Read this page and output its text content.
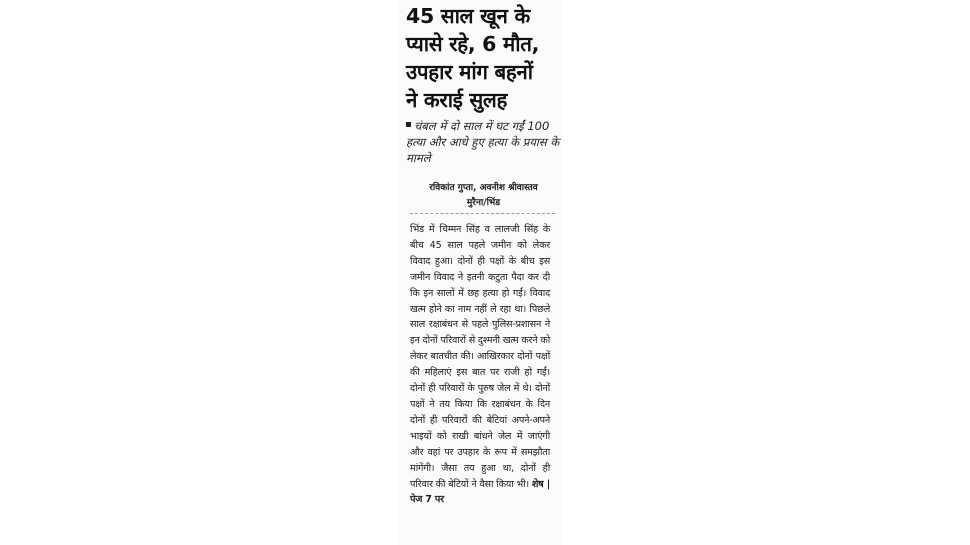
45 साल खून के
प्यासे रहे, 6 मौत,
उपहार मांग बहनों
ने कराई सुलह

चंबल में दो साल में घट गईं 100 हत्या और आधे हुए हत्या के प्रयास के मामले

रविकांत गुप्ता, अवनीश श्रीवास्तव
मुरैना/भिंड

भिंड में चिम्मन सिंह व लालजी सिंह के बीच 45 साल पहले जमीन को लेकर विवाद हुआ। दोनों ही पक्षों के बीच इस जमीन विवाद ने इतनी कटुता पैदा कर दी कि इन सालों में छह हत्या हो गईं। विवाद खत्म होने का नाम नहीं ले रहा था। पिछले साल रक्षाबंधन से पहले पुलिस-प्रशासन ने इन दोनों परिवारों से दुश्मनी खत्म करने को लेकर बातचीत की। आखिरकार दोनों पक्षों की महिलाएं इस बात पर राजी हो गईं। दोनों ही परिवारों के पुरुष जेल में थे। दोनों पक्षों ने तय किया कि रक्षाबंधन के दिन दोनों ही परिवारों की बेटियां अपने-अपने भाइयों को राखी बांधने जेल में जाएंगी और वहां पर उपहार के रूप में समझौता मांगेंगी। जैसा तय हुआ था, दोनों ही परिवार की बेटियों ने वैसा किया भी। शेष | पेज 7 पर
